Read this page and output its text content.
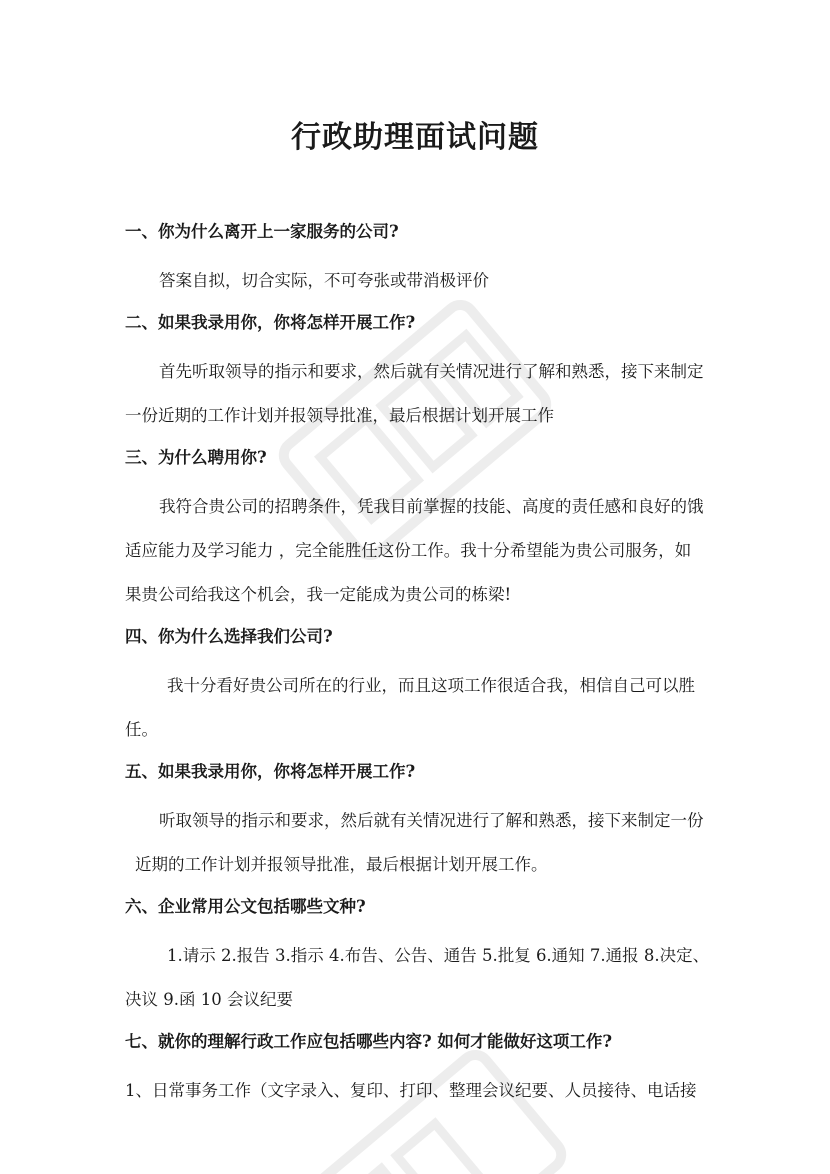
行政助理面试问题
一、你为什么离开上一家服务的公司?
答案自拟，切合实际，不可夸张或带消极评价
二、如果我录用你，你将怎样开展工作?
首先听取领导的指示和要求，然后就有关情况进行了解和熟悉，接下来制定
一份近期的工作计划并报领导批准，最后根据计划开展工作
三、为什么聘用你?
我符合贵公司的招聘条件，凭我目前掌握的技能、高度的责任感和良好的饿
适应能力及学习能力 ，完全能胜任这份工作。我十分希望能为贵公司服务，如
果贵公司给我这个机会，我一定能成为贵公司的栋梁!
四、你为什么选择我们公司?
我十分看好贵公司所在的行业，而且这项工作很适合我，相信自己可以胜
任。
五、如果我录用你，你将怎样开展工作?
听取领导的指示和要求，然后就有关情况进行了解和熟悉，接下来制定一份
近期的工作计划并报领导批准，最后根据计划开展工作。
六、企业常用公文包括哪些文种?
1.请示 2.报告 3.指示 4.布告、公告、通告 5.批复 6.通知 7.通报 8.决定、
决议 9.函 10 会议纪要
七、就你的理解行政工作应包括哪些内容? 如何才能做好这项工作?
1、日常事务工作（文字录入、复印、打印、整理会议纪要、人员接待、电话接
